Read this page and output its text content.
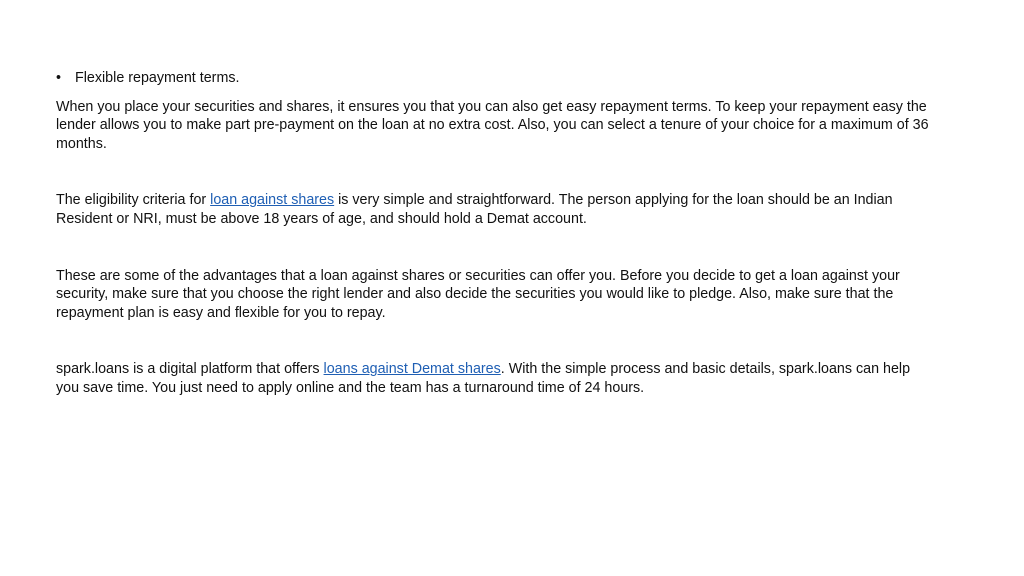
• Flexible repayment terms.

When you place your securities and shares, it ensures you that you can also get easy repayment terms. To keep your repayment easy the lender allows you to make part pre-payment on the loan at no extra cost. Also, you can select a tenure of your choice for a maximum of 36 months.

The eligibility criteria for loan against shares is very simple and straightforward. The person applying for the loan should be an Indian Resident or NRI, must be above 18 years of age, and should hold a Demat account.

These are some of the advantages that a loan against shares or securities can offer you. Before you decide to get a loan against your security, make sure that you choose the right lender and also decide the securities you would like to pledge. Also, make sure that the repayment plan is easy and flexible for you to repay.

spark.loans is a digital platform that offers loans against Demat shares. With the simple process and basic details, spark.loans can help you save time. You just need to apply online and the team has a turnaround time of 24 hours.
